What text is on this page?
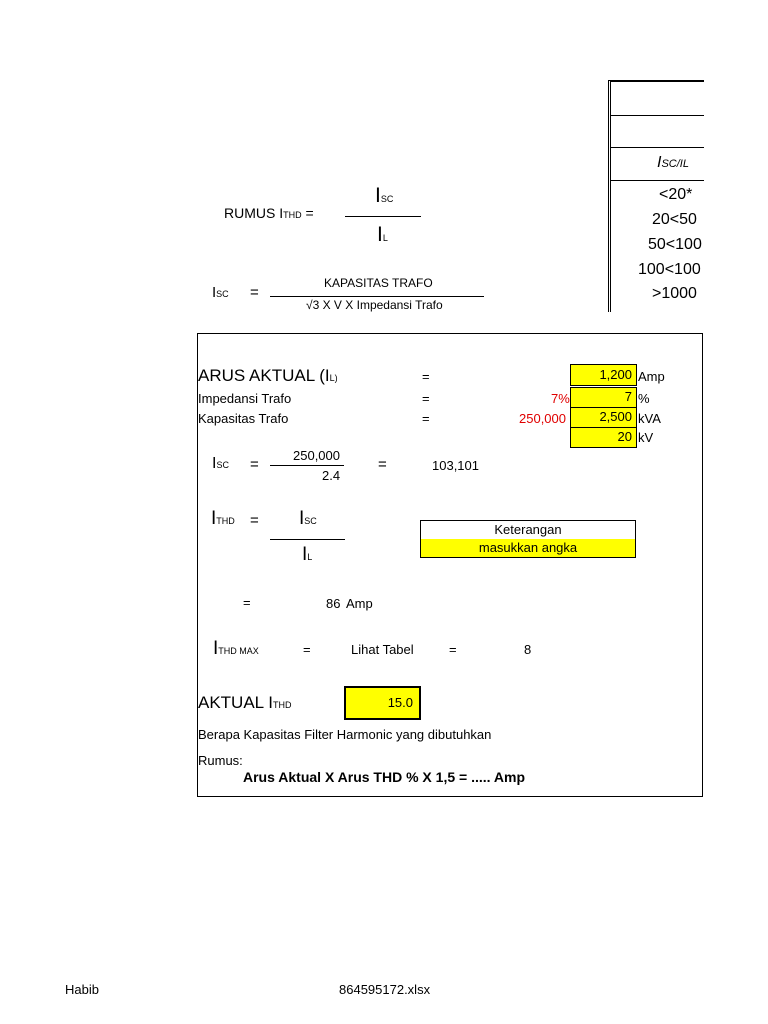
RUMUS ITHD =
ISC
IL
ISC =
KAPASITAS TRAFO
√3 X V X Impedansi Trafo
ISC/IL
<20*
20<50
50<100
100<100
>1000
ARUS AKTUAL (IL)	=	1,200 Amp
Impedansi Trafo	=	7%	7 %
Kapasitas Trafo	=	250,000	2,500 kVA
20 kV
ISC =
250,000
2.4
=	103,101
ITHD = ISC
IL
Keterangan
masukkan angka
=	86 Amp
ITHD MAX	=	Lihat Tabel	=	8
AKTUAL ITHD	15.0
Berapa Kapasitas Filter Harmonic yang dibutuhkan
Rumus:
Arus Aktual X Arus THD % X 1,5 = ..... Amp
Habib	864595172.xlsx
